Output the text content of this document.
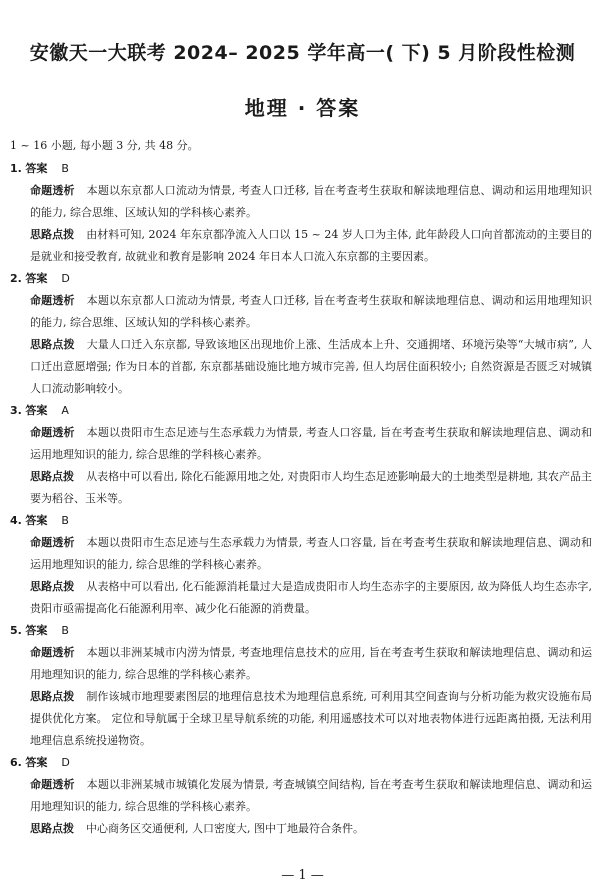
安徽天一大联考 2024– 2025 学年高一( 下) 5 月阶段性检测
地理 · 答案
1 ~ 16 小题, 每小题 3 分, 共 48 分。
1. 答案 B
命题透析 本题以东京都人口流动为情景, 考查人口迁移, 旨在考查考生获取和解读地理信息、调动和运用地理知识的能力, 综合思维、区域认知的学科核心素养。
思路点拨 由材料可知, 2024 年东京都净流入人口以 15 ~ 24 岁人口为主体, 此年龄段人口向首都流动的主要目的是就业和接受教育, 故就业和教育是影响 2024 年日本人口流入东京都的主要因素。
2. 答案 D
命题透析 本题以东京都人口流动为情景, 考查人口迁移, 旨在考查考生获取和解读地理信息、调动和运用地理知识的能力, 综合思维、区域认知的学科核心素养。
思路点拨 大量人口迁入东京都, 导致该地区出现地价上涨、生活成本上升、交通拥堵、环境污染等“大城市病”, 人口迁出意愿增强; 作为日本的首都, 东京都基础设施比地方城市完善, 但人均居住面积较小; 自然资源是否匮乏对城镇人口流动影响较小。
3. 答案 A
命题透析 本题以贵阳市生态足迹与生态承载力为情景, 考查人口容量, 旨在考查考生获取和解读地理信息、调动和运用地理知识的能力, 综合思维的学科核心素养。
思路点拨 从表格中可以看出, 除化石能源用地之处, 对贵阳市人均生态足迹影响最大的土地类型是耕地, 其农产品主要为稻谷、玉米等。
4. 答案 B
命题透析 本题以贵阳市生态足迹与生态承载力为情景, 考查人口容量, 旨在考查考生获取和解读地理信息、调动和运用地理知识的能力, 综合思维的学科核心素养。
思路点拨 从表格中可以看出, 化石能源消耗量过大是造成贵阳市人均生态赤字的主要原因, 故为降低人均生态赤字, 贵阳市亟需提高化石能源利用率、减少化石能源的消费量。
5. 答案 B
命题透析 本题以非洲某城市内涝为情景, 考查地理信息技术的应用, 旨在考查考生获取和解读地理信息、调动和运用地理知识的能力, 综合思维的学科核心素养。
思路点拨 制作该城市地理要素图层的地理信息技术为地理信息系统, 可利用其空间查询与分析功能为救灾设施布局提供优化方案。 定位和导航属于全球卫星导航系统的功能, 利用遥感技术可以对地表物体进行远距离拍摄, 无法利用地理信息系统投递物资。
6. 答案 D
命题透析 本题以非洲某城市城镇化发展为情景, 考查城镇空间结构, 旨在考查考生获取和解读地理信息、调动和运用地理知识的能力, 综合思维的学科核心素养。
思路点拨 中心商务区交通便利, 人口密度大, 图中丁地最符合条件。
— 1 —
